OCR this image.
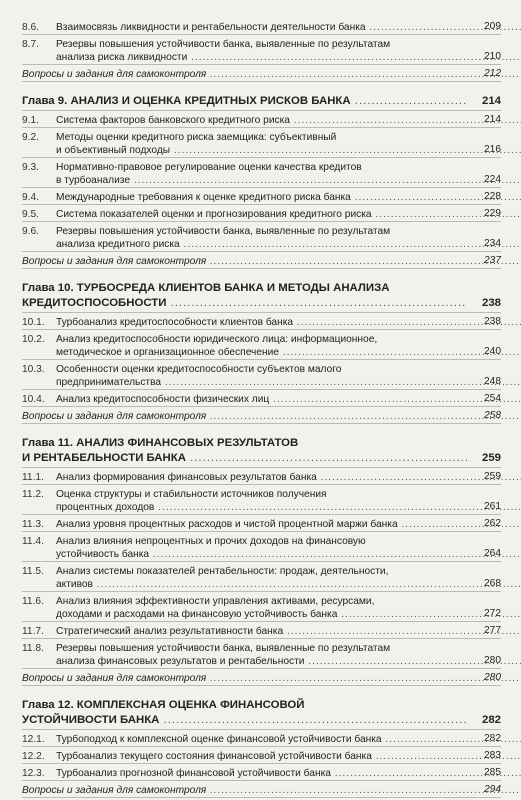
8.6.	Взаимосвязь ликвидности и рентабельности деятельности банка .....	209
8.7.	Резервы повышения устойчивости банка, выявленные по результатам
анализа риска ликвидности .....	210
Вопросы и задания для самоконтроля .....	212
Глава 9. АНАЛИЗ И ОЦЕНКА КРЕДИТНЫХ РИСКОВ БАНКА .....	214
9.1.	Система факторов банковского кредитного риска .....	214
9.2.	Методы оценки кредитного риска заемщика: субъективный
и объективный подходы .....	216
9.3.	Нормативно-правовое регулирование оценки качества кредитов
в турбоанализе .....	224
9.4.	Международные требования к оценке кредитного риска банка .....	228
9.5.	Система показателей оценки и прогнозирования кредитного риска .....	229
9.6.	Резервы повышения устойчивости банка, выявленные по результатам
анализа кредитного риска .....	234
Вопросы и задания для самоконтроля .....	237
Глава 10. ТУРБОСРЕДА КЛИЕНТОВ БАНКА И МЕТОДЫ АНАЛИЗА
КРЕДИТОСПОСОБНОСТИ .....	238
10.1.	Турбоанализ кредитоспособности клиентов банка .....	238
10.2.	Анализ кредитоспособности юридического лица: информационное,
методическое и организационное обеспечение .....	240
10.3.	Особенности оценки кредитоспособности субъектов малого
предпринимательства .....	248
10.4.	Анализ кредитоспособности физических лиц .....	254
Вопросы и задания для самоконтроля .....	258
Глава 11. АНАЛИЗ ФИНАНСОВЫХ РЕЗУЛЬТАТОВ
И РЕНТАБЕЛЬНОСТИ БАНКА .....	259
11.1.	Анализ формирования финансовых результатов банка .....	259
11.2.	Оценка структуры и стабильности источников получения
процентных доходов .....	261
11.3.	Анализ уровня процентных расходов и чистой процентной маржи банка .....	262
11.4.	Анализ влияния непроцентных и прочих доходов на финансовую
устойчивость банка .....	264
11.5.	Анализ системы показателей рентабельности: продаж, деятельности,
активов .....	268
11.6.	Анализ влияния эффективности управления активами, ресурсами,
доходами и расходами на финансовую устойчивость банка .....	272
11.7.	Стратегический анализ результативности банка .....	277
11.8.	Резервы повышения устойчивости банка, выявленные по результатам
анализа финансовых результатов и рентабельности .....	280
Вопросы и задания для самоконтроля .....	280
Глава 12. КОМПЛЕКСНАЯ ОЦЕНКА ФИНАНСОВОЙ
УСТОЙЧИВОСТИ БАНКА .....	282
12.1.	Турбоподход к комплексной оценке финансовой устойчивости банка .....	282
12.2.	Турбоанализ текущего состояния финансовой устойчивости банка .....	283
12.3.	Турбоанализ прогнозной финансовой устойчивости банка .....	285
Вопросы и задания для самоконтроля .....	294
